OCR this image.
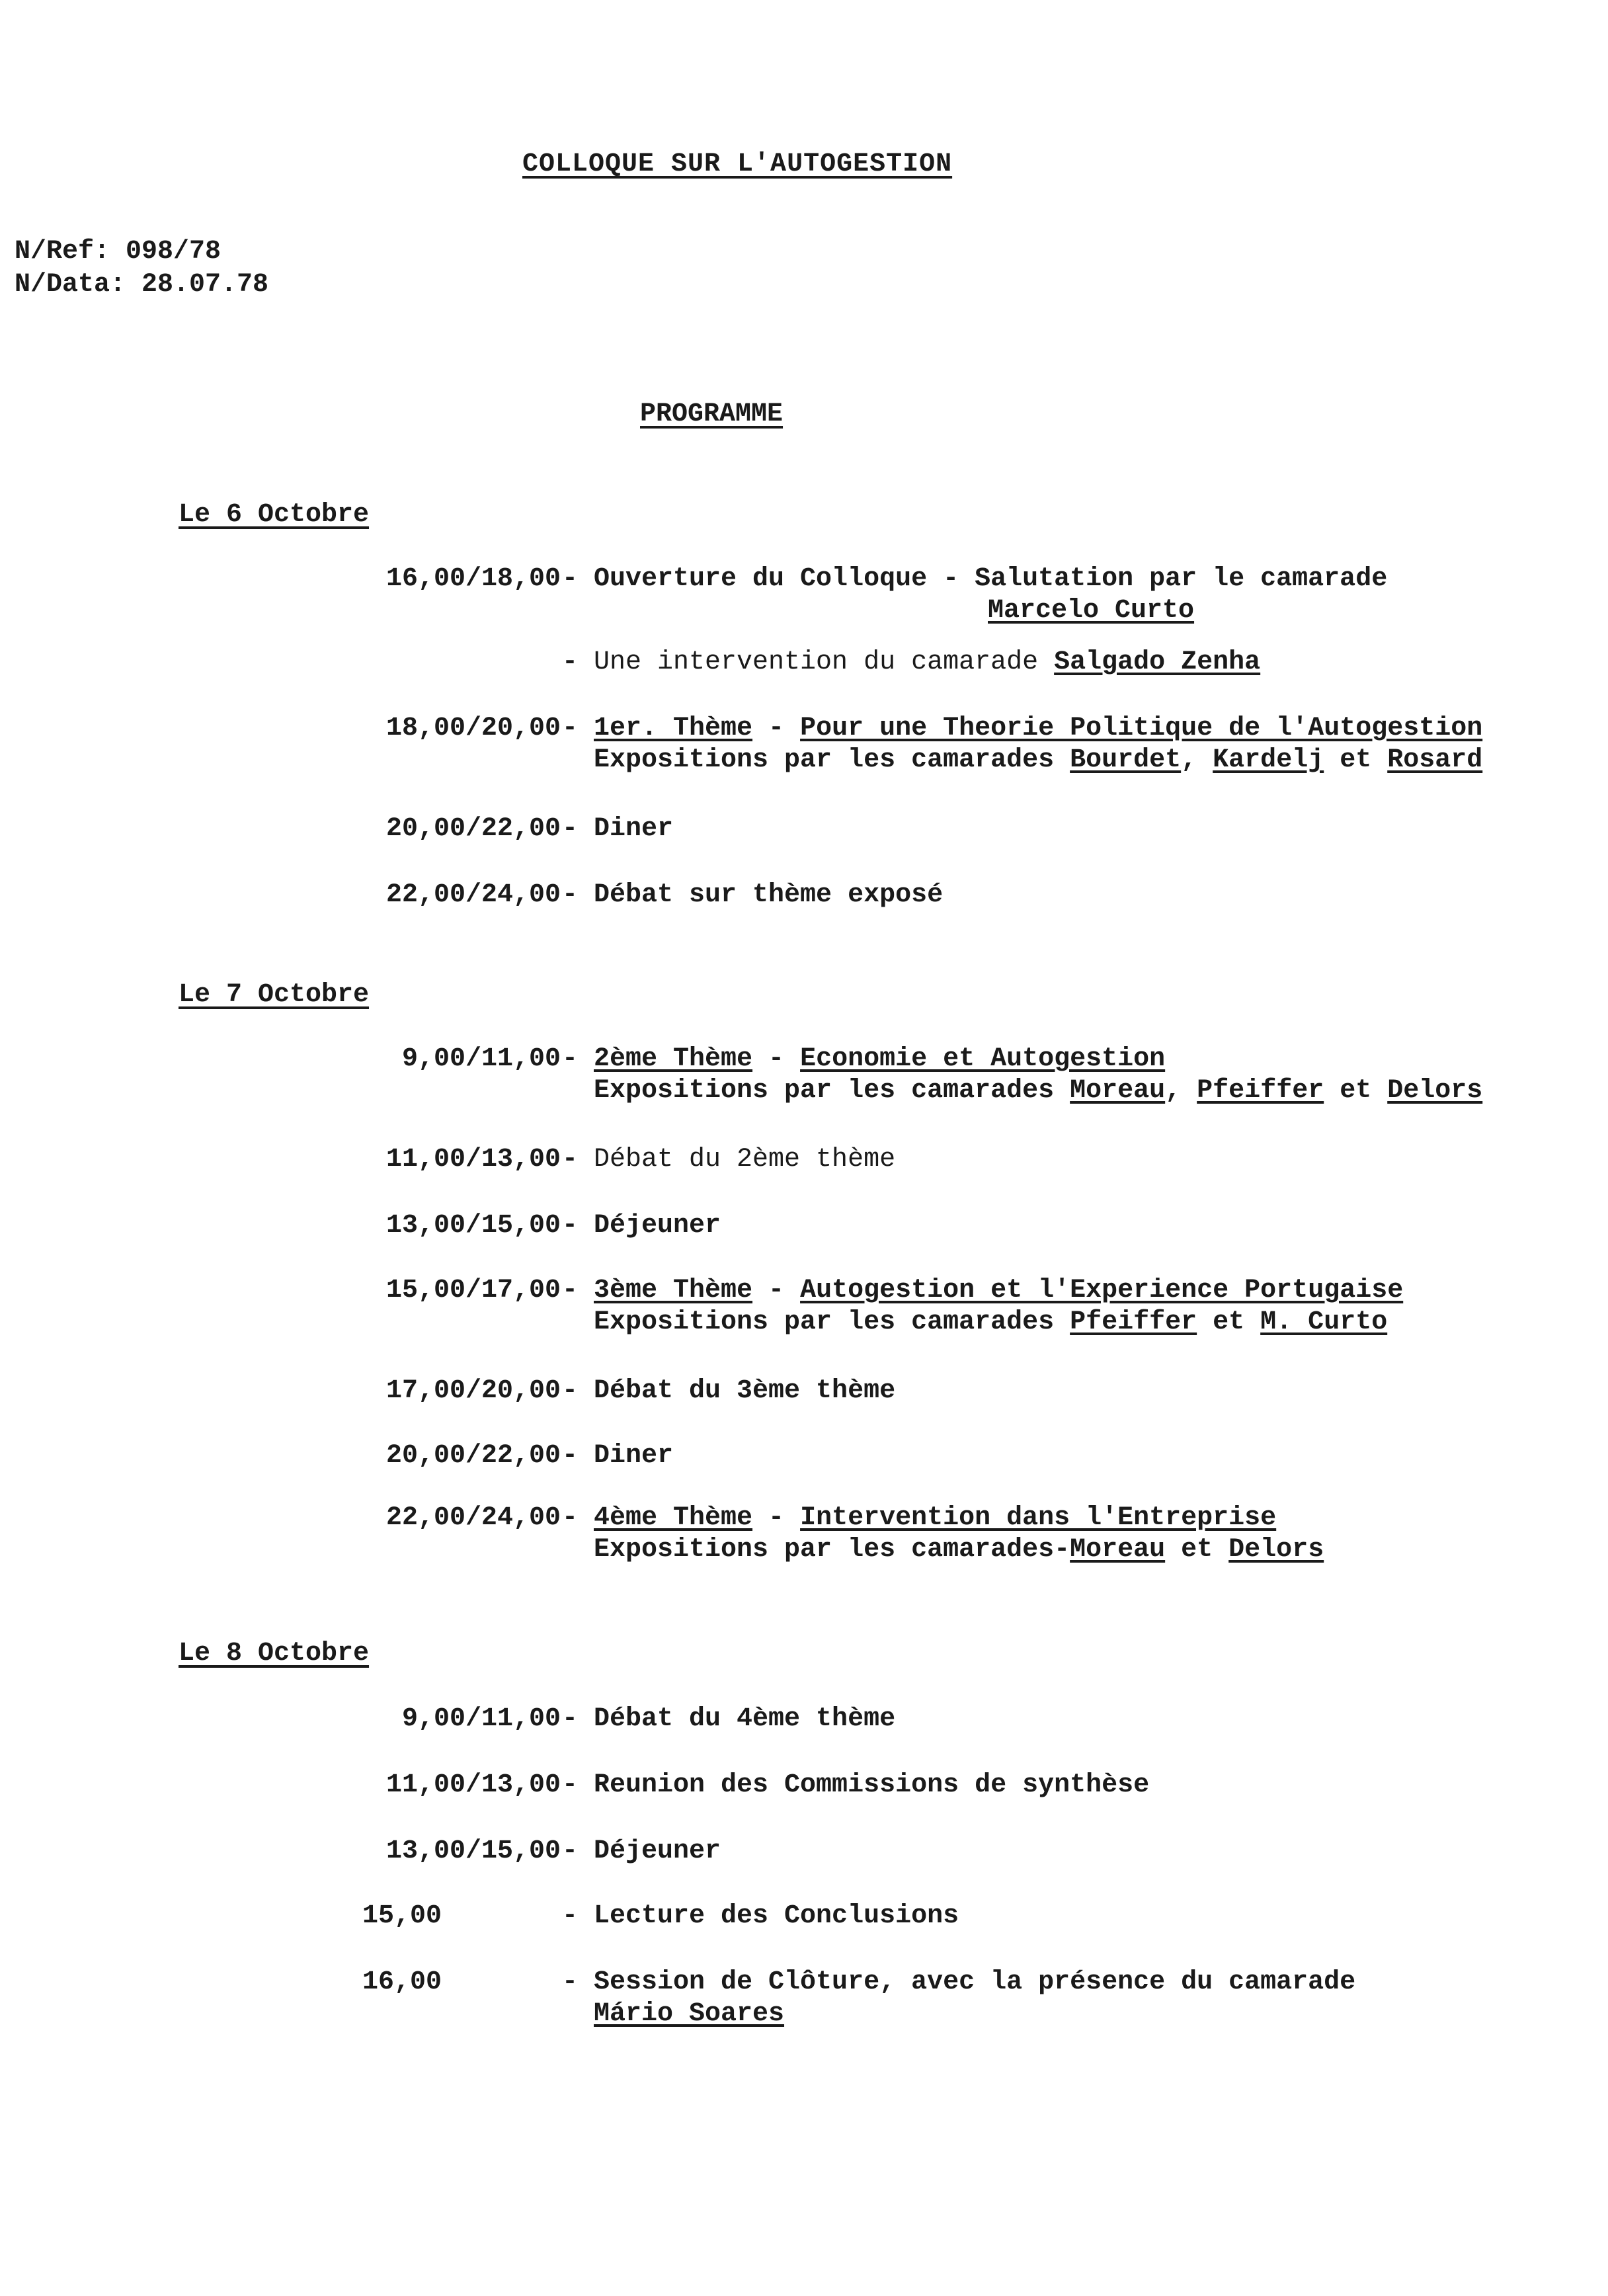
COLLOQUE SUR L'AUTOGESTION
N/Ref: 098/78
N/Data: 28.07.78
PROGRAMME
Le 6 Octobre
16,00/18,00 - Ouverture du Colloque - Salutation par le camarade
Marcelo Curto
- Une intervention du camarade Salgado Zenha
18,00/20,00 - 1er. Thème - Pour une Theorie Politique de l'Autogestion
Expositions par les camarades Bourdet, Kardelj et Rosard
20,00/22,00 - Diner
22,00/24,00 - Débat sur thème exposé
Le 7 Octobre
9,00/11,00 - 2ème Thème - Economie et Autogestion
Expositions par les camarades Moreau, Pfeiffer et Delors
11,00/13,00 - Débat du 2ème thème
13,00/15,00 - Déjeuner
15,00/17,00 - 3ème Thème - Autogestion et l'Experience Portugaise
Expositions par les camarades Pfeiffer et M. Curto
17,00/20,00 - Débat du 3ème thème
20,00/22,00 - Diner
22,00/24,00 - 4ème Thème - Intervention dans l'Entreprise
Expositions par les camarades-Moreau et Delors
Le 8 Octobre
9,00/11,00 - Débat du 4ème thème
11,00/13,00 - Reunion des Commissions de synthèse
13,00/15,00 - Déjeuner
15,00	- Lecture des Conclusions
16,00	- Session de Clôture, avec la présence du camarade
Mário Soares
